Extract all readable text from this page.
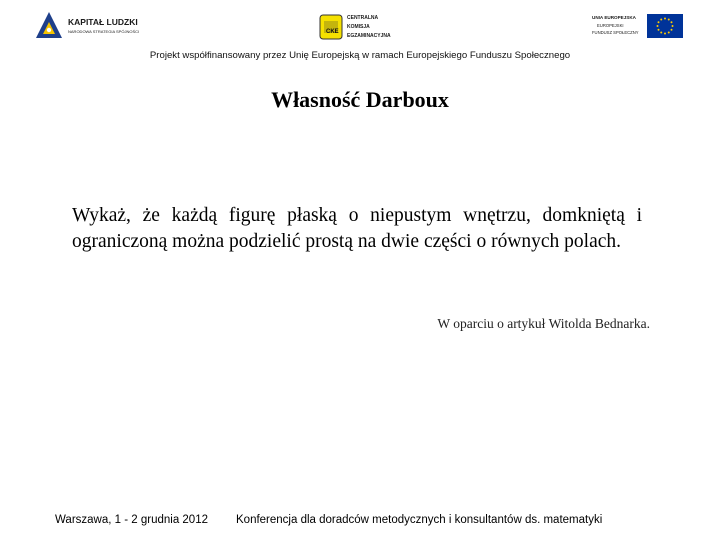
KAPITAŁ LUDZKI
NARODOWA STRATEGIA SPÓJNOŚCI	CKE
CENTRALNA
KOMISJA
EGZAMINACYJNA
UNIA EUROPEJSKA
EUROPEJSKI
FUNDUSZ SPOŁECZNY
Projekt współfinansowany przez Unię Europejską w ramach Europejskiego Funduszu Społecznego
Własność Darboux
Wykaż, że każdą figurę płaską o niepustym wnętrzu, domkniętą i ograniczoną można podzielić prostą na dwie części o równych polach.
W oparciu o artykuł Witolda Bednarka.
Warszawa, 1 - 2 grudnia 2012 Konferencja dla doradców metodycznych i konsultantów ds. matematyki
